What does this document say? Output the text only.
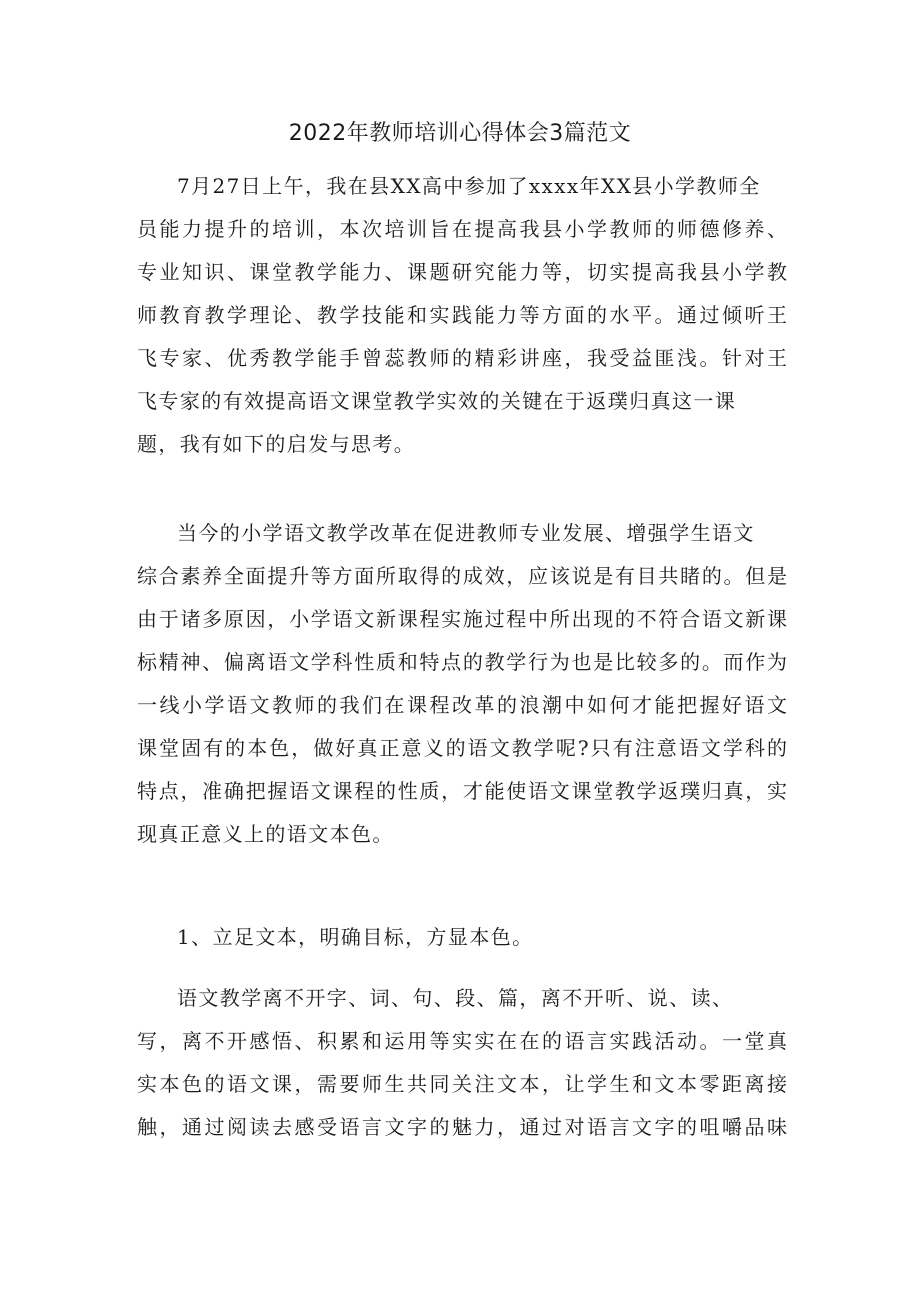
2022年教师培训心得体会3篇范文
7月27日上午，我在县XX高中参加了xxxx年XX县小学教师全
员能力提升的培训，本次培训旨在提高我县小学教师的师德修养、
专业知识、课堂教学能力、课题研究能力等，切实提高我县小学教
师教育教学理论、教学技能和实践能力等方面的水平。通过倾听王
飞专家、优秀教学能手曾蕊教师的精彩讲座，我受益匪浅。针对王
飞专家的有效提高语文课堂教学实效的关键在于返璞归真这一课
题，我有如下的启发与思考。
当今的小学语文教学改革在促进教师专业发展、增强学生语文
综合素养全面提升等方面所取得的成效，应该说是有目共睹的。但是
由于诸多原因，小学语文新课程实施过程中所出现的不符合语文新课
标精神、偏离语文学科性质和特点的教学行为也是比较多的。而作为
一线小学语文教师的我们在课程改革的浪潮中如何才能把握好语文
课堂固有的本色，做好真正意义的语文教学呢?只有注意语文学科的
特点，准确把握语文课程的性质，才能使语文课堂教学返璞归真，实
现真正意义上的语文本色。
1、立足文本，明确目标，方显本色。
语文教学离不开字、词、句、段、篇，离不开听、说、读、
写，离不开感悟、积累和运用等实实在在的语言实践活动。一堂真
实本色的语文课，需要师生共同关注文本，让学生和文本零距离接
触，通过阅读去感受语言文字的魅力，通过对语言文字的咀嚼品味
